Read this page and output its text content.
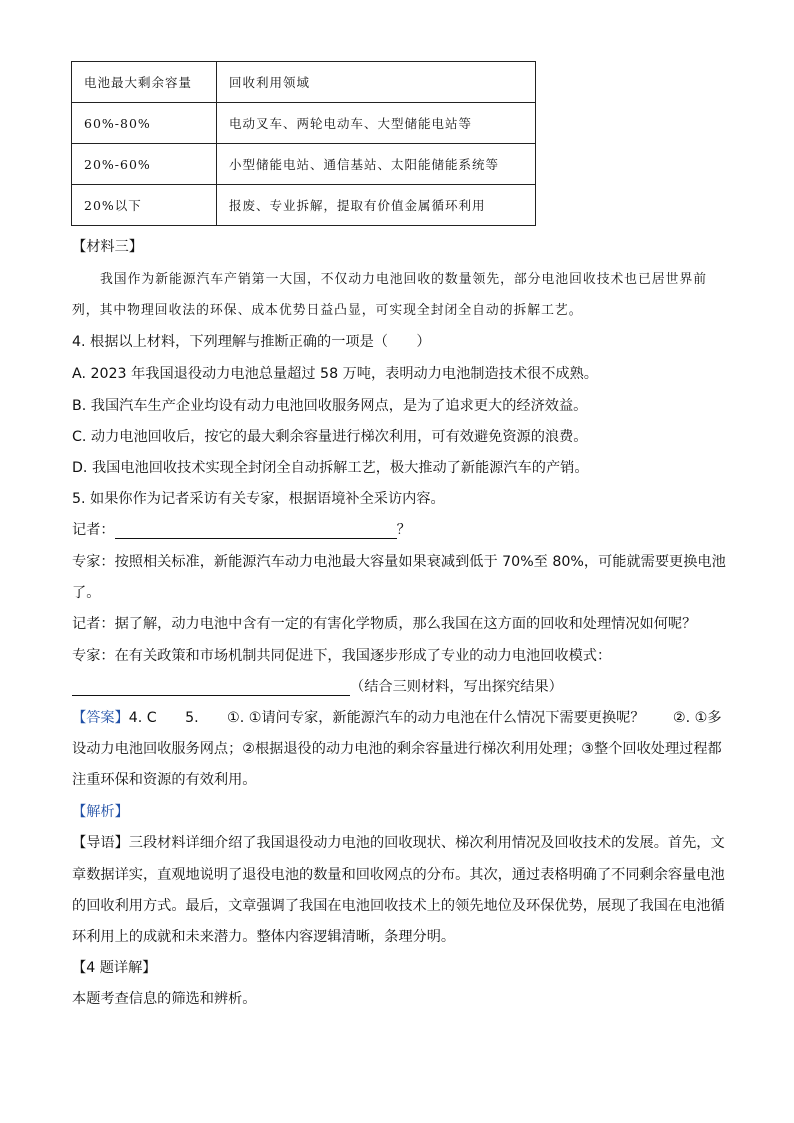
电池最大剩余容量	回收利用领域
60%-80%	电动叉车、两轮电动车、大型储能电站等
20%-60%	小型储能电站、通信基站、太阳能储能系统等
20%以下	报废、专业拆解，提取有价值金属循环利用
【材料三】
我国作为新能源汽车产销第一大国，不仅动力电池回收的数量领先，部分电池回收技术也已居世界前
列，其中物理回收法的环保、成本优势日益凸显，可实现全封闭全自动的拆解工艺。
4. 根据以上材料，下列理解与推断正确的一项是（　　）
A. 2023 年我国退役动力电池总量超过 58 万吨，表明动力电池制造技术很不成熟。
B. 我国汽车生产企业均设有动力电池回收服务网点，是为了追求更大的经济效益。
C. 动力电池回收后，按它的最大剩余容量进行梯次利用，可有效避免资源的浪费。
D. 我国电池回收技术实现全封闭全自动拆解工艺，极大推动了新能源汽车的产销。
5. 如果你作为记者采访有关专家，根据语境补全采访内容。
记者：	？
专家：按照相关标准，新能源汽车动力电池最大容量如果衰减到低于 70%至 80%，可能就需要更换电池
了。
记者：据了解，动力电池中含有一定的有害化学物质，那么我国在这方面的回收和处理情况如何呢？
专家：在有关政策和市场机制共同促进下，我国逐步形成了专业的动力电池回收模式：
（结合三则材料，写出探究结果）
【答案】4. C　　5.　　①. ①请问专家，新能源汽车的动力电池在什么情况下需要更换呢？　　②. ①多
设动力电池回收服务网点；②根据退役的动力电池的剩余容量进行梯次利用处理；③整个回收处理过程都
注重环保和资源的有效利用。
【解析】
【导语】三段材料详细介绍了我国退役动力电池的回收现状、梯次利用情况及回收技术的发展。首先，文
章数据详实，直观地说明了退役电池的数量和回收网点的分布。其次，通过表格明确了不同剩余容量电池
的回收利用方式。最后，文章强调了我国在电池回收技术上的领先地位及环保优势，展现了我国在电池循
环利用上的成就和未来潜力。整体内容逻辑清晰，条理分明。
【4 题详解】
本题考查信息的筛选和辨析。
